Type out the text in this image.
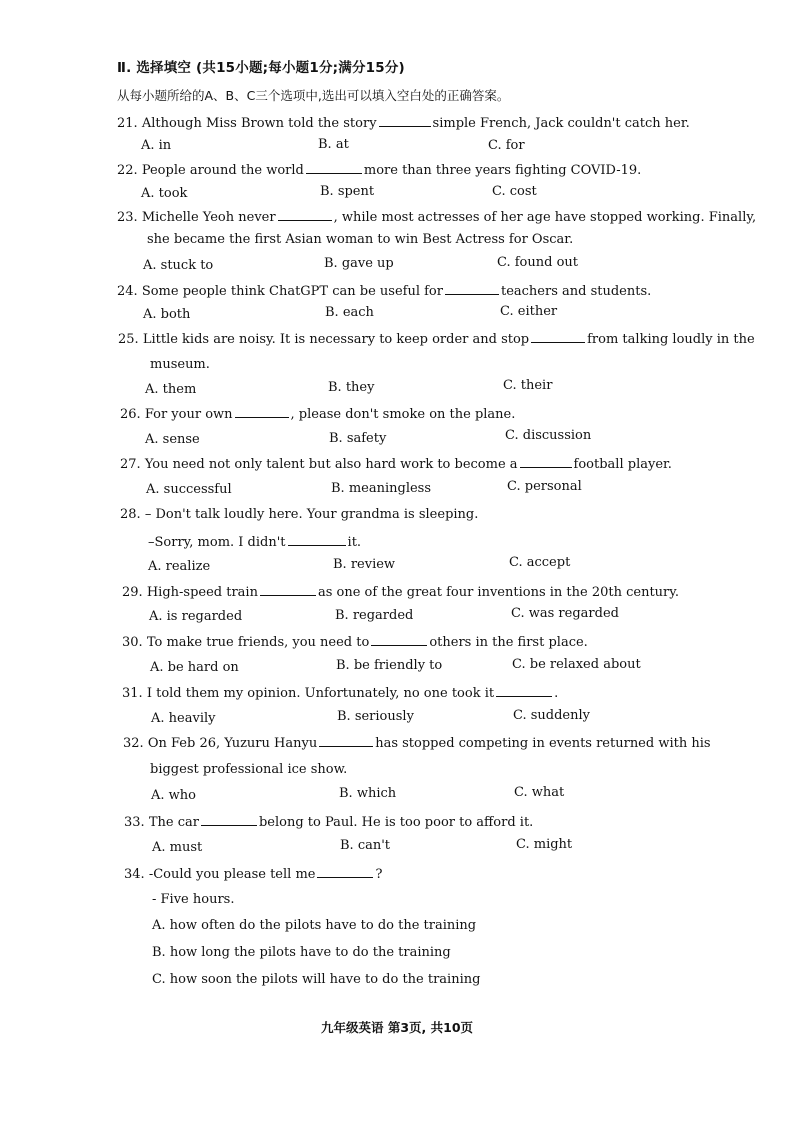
Ⅱ. 选择填空 (共15小题;每小题1分;满分15分)
从每小题所给的A、B、C三个选项中,选出可以填入空白处的正确答案。
21. Although Miss Brown told the story	simple French, Jack couldn't catch her.
A. in	B. at	C. for
22. People around the world	more than three years fighting COVID-19.
A. took	B. spent	C. cost
23. Michelle Yeoh never	, while most actresses of her age have stopped working. Finally,
she became the first Asian woman to win Best Actress for Oscar.
A. stuck to	B. gave up	C. found out
24. Some people think ChatGPT can be useful for	teachers and students.
A. both	B. each	C. either
25. Little kids are noisy. It is necessary to keep order and stop	from talking loudly in the
museum.
A. them	B. they	C. their
26. For your own	, please don't smoke on the plane.
A. sense	B. safety	C. discussion
27. You need not only talent but also hard work to become a	football player.
A. successful	B. meaningless	C. personal
28. – Don't talk loudly here. Your grandma is sleeping.
–Sorry, mom. I didn't	it.
A. realize	B. review	C. accept
29. High-speed train	as one of the great four inventions in the 20th century.
A. is regarded	B. regarded	C. was regarded
30. To make true friends, you need to	others in the first place.
A. be hard on	B. be friendly to	C. be relaxed about
31. I told them my opinion. Unfortunately, no one took it	.
A. heavily	B. seriously	C. suddenly
32. On Feb 26, Yuzuru Hanyu	has stopped competing in events returned with his
biggest professional ice show.
A. who	B. which	C. what
33. The car	belong to Paul. He is too poor to afford it.
A. must	B. can't	C. might
34. -Could you please tell me	?
- Five hours.
A. how often do the pilots have to do the training
B. how long the pilots have to do the training
C. how soon the pilots will have to do the training
九年级英语 第3页, 共10页
